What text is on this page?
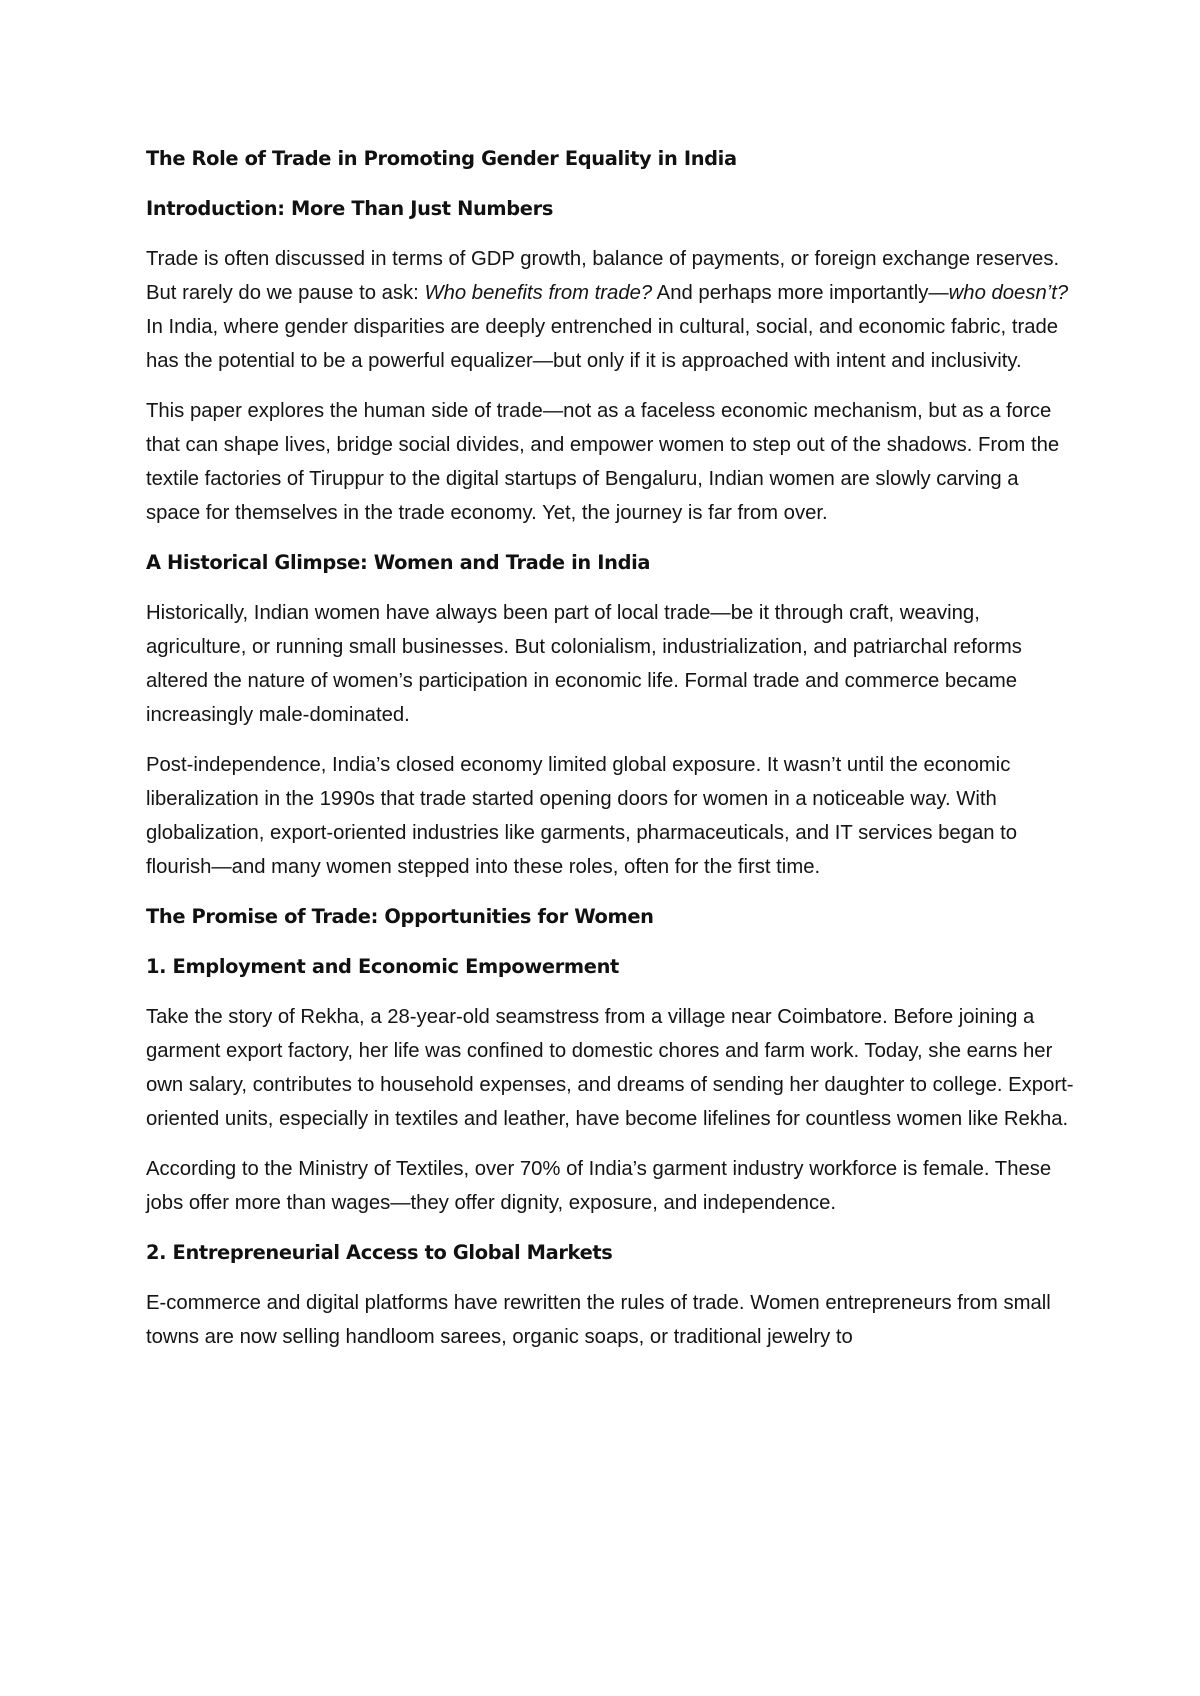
The Role of Trade in Promoting Gender Equality in India
Introduction: More Than Just Numbers

Trade is often discussed in terms of GDP growth, balance of payments, or foreign exchange reserves. But rarely do we pause to ask: Who benefits from trade? And perhaps more importantly—who doesn’t? In India, where gender disparities are deeply entrenched in cultural, social, and economic fabric, trade has the potential to be a powerful equalizer—but only if it is approached with intent and inclusivity.

This paper explores the human side of trade—not as a faceless economic mechanism, but as a force that can shape lives, bridge social divides, and empower women to step out of the shadows. From the textile factories of Tiruppur to the digital startups of Bengaluru, Indian women are slowly carving a space for themselves in the trade economy. Yet, the journey is far from over.

A Historical Glimpse: Women and Trade in India

Historically, Indian women have always been part of local trade—be it through craft, weaving, agriculture, or running small businesses. But colonialism, industrialization, and patriarchal reforms altered the nature of women’s participation in economic life. Formal trade and commerce became increasingly male-dominated.

Post-independence, India’s closed economy limited global exposure. It wasn’t until the economic liberalization in the 1990s that trade started opening doors for women in a noticeable way. With globalization, export-oriented industries like garments, pharmaceuticals, and IT services began to flourish—and many women stepped into these roles, often for the first time.

The Promise of Trade: Opportunities for Women
1. Employment and Economic Empowerment

Take the story of Rekha, a 28-year-old seamstress from a village near Coimbatore. Before joining a garment export factory, her life was confined to domestic chores and farm work. Today, she earns her own salary, contributes to household expenses, and dreams of sending her daughter to college. Export-oriented units, especially in textiles and leather, have become lifelines for countless women like Rekha.

According to the Ministry of Textiles, over 70% of India’s garment industry workforce is female. These jobs offer more than wages—they offer dignity, exposure, and independence.

2. Entrepreneurial Access to Global Markets

E-commerce and digital platforms have rewritten the rules of trade. Women entrepreneurs from small towns are now selling handloom sarees, organic soaps, or traditional jewelry to
